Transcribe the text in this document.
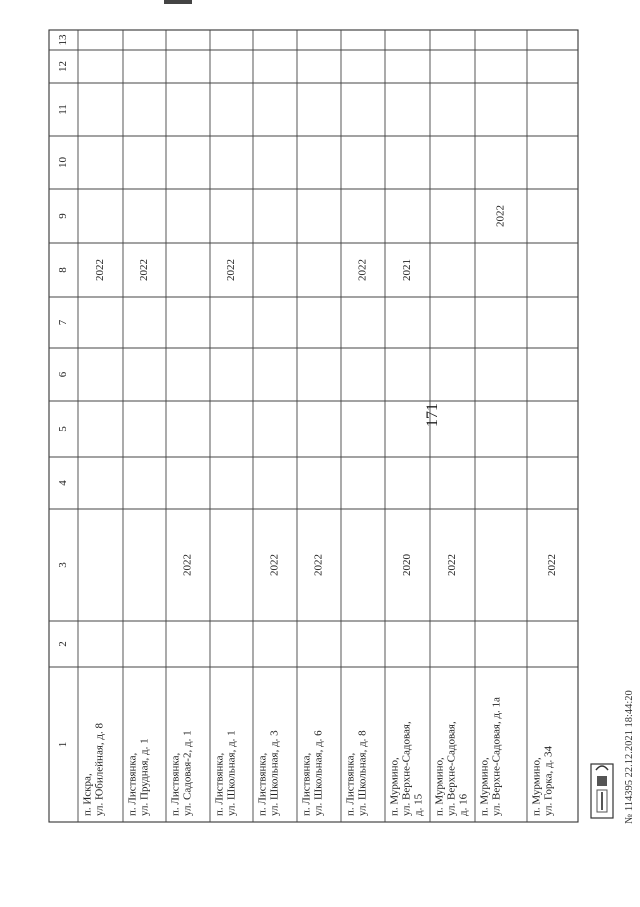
1
2
3
4
5
6
7
8
9
10
11
12
13
п. Искра, ул. Юбилейная, д. 8
2022
п. Листвянка, ул. Прудная, д. 1
2022
п. Листвянка, ул. Садовая-2, д. 1
2022
п. Листвянка, ул. Школьная, д. 1
2022
п. Листвянка, ул. Школьная, д. 3
2022
п. Листвянка, ул. Школьная, д. 6
2022
п. Листвянка, ул. Школьная, д. 8
2022
п. Мурмино, ул. Верхне-Садовая, д. 15
2020
2021
п. Мурмино, ул. Верхне-Садовая, д. 16
2022
п. Мурмино, ул. Верхне-Садовая, д. 1а
2022
п. Мурмино, ул. Горка, д. 34
2022
171
№ 114395 22.12.2021 18:44:20
